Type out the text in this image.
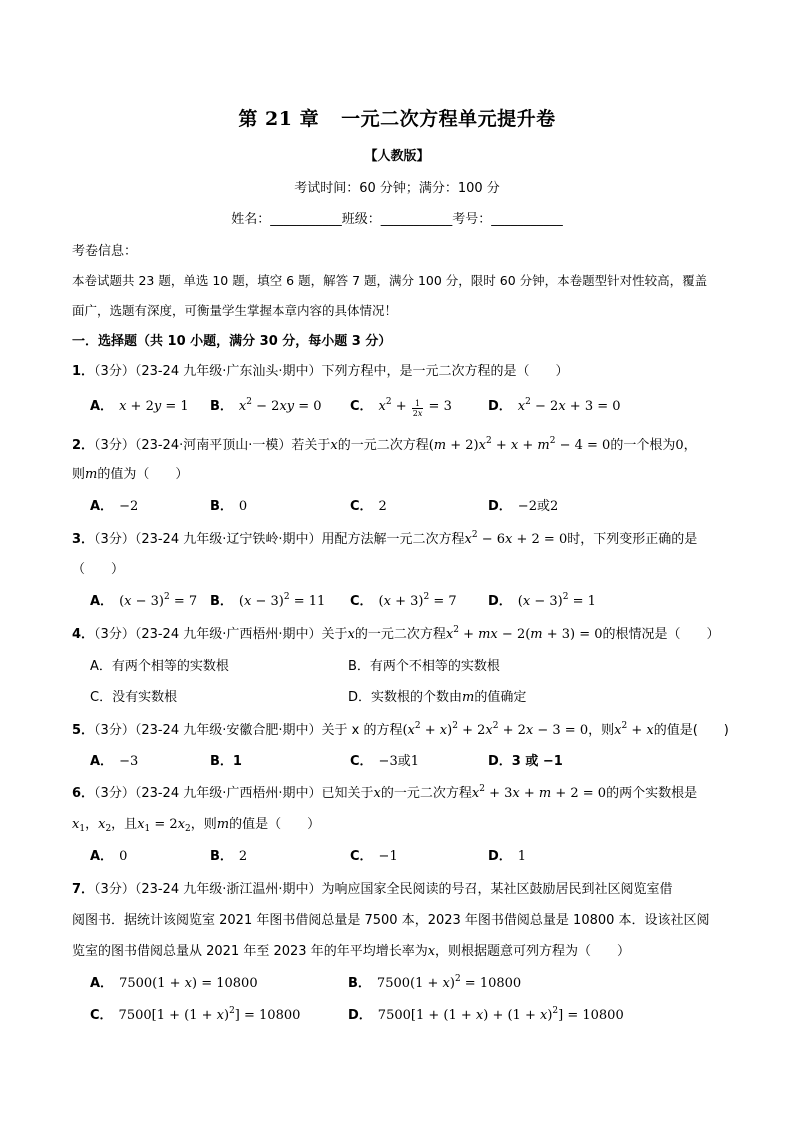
第 21 章 一元二次方程单元提升卷
【人教版】
考试时间：60 分钟；满分：100 分
姓名：___________班级：___________考号：___________
考卷信息：
本卷试题共 23 题，单选 10 题，填空 6 题，解答 7 题，满分 100 分，限时 60 分钟，本卷题型针对性较高，覆盖
面广，选题有深度，可衡量学生掌握本章内容的具体情况！
一．选择题（共 10 小题，满分 30 分，每小题 3 分）
1．（3分）（23-24 九年级·广东汕头·期中）下列方程中，是一元二次方程的是（　　）
A． x + 2y = 1 B． $x^2 - 2xy = 0$ C． $x^2 + \frac{1}{2x} = 3$	D． $x^2 - 2x + 3 = 0$
2．（3分）（23-24·河南平顶山·一模）若关于x的一元二次方程$(m + 2)x^2 + x + m^2 - 4 = 0$的一个根为0，
则m的值为（　　）
A． −2	B． 0	C． 2	D． −2或2
3．（3分）（23-24 九年级·辽宁铁岭·期中）用配方法解一元二次方程$x^2 - 6x + 2 = 0$时，下列变形正确的是
（　　）
A． $(x - 3)^2 = 7$ B． $(x - 3)^2 = 11$ C． $(x + 3)^2 = 7$ D． $(x - 3)^2 = 1$
4．（3分）（23-24 九年级·广西梧州·期中）关于x的一元二次方程$x^2$ + mx − 2(m + 3) = 0的根情况是（　　）
A．有两个相等的实数根	B．有两个不相等的实数根
C．没有实数根	D．实数根的个数由m的值确定
5．（3分）（23-24 九年级·安徽合肥·期中）关于 x 的方程$(x^2 + x)^2 + 2x^2 + 2x - 3 = 0$，则$x^2 + x$的值是(　　)
A． −3	B．1	C． −3或1	D．3 或 −1
6．（3分）（23-24 九年级·广西梧州·期中）已知关于x的一元二次方程$x^2 + 3x + m + 2 = 0$的两个实数根是
$x_1$，$x_2$，且$x_1 = 2x_2$，则m的值是（　　）
A． 0	B． 2	C． −1	D． 1
7．（3分）（23-24 九年级·浙江温州·期中）为响应国家全民阅读的号召，某社区鼓励居民到社区阅览室借
阅图书．据统计该阅览室 2021 年图书借阅总量是 7500 本，2023 年图书借阅总量是 10800 本．设该社区阅
览室的图书借阅总量从 2021 年至 2023 年的年平均增长率为x，则根据题意可列方程为（　　）
A． 7500(1 + x) = 10800	B． $7500(1 + x)^2 = 10800$
C． $7500[1 + (1 + x)^2] = 10800$	D． $7500[1 + (1 + x) + (1 + x)^2] = 10800$
